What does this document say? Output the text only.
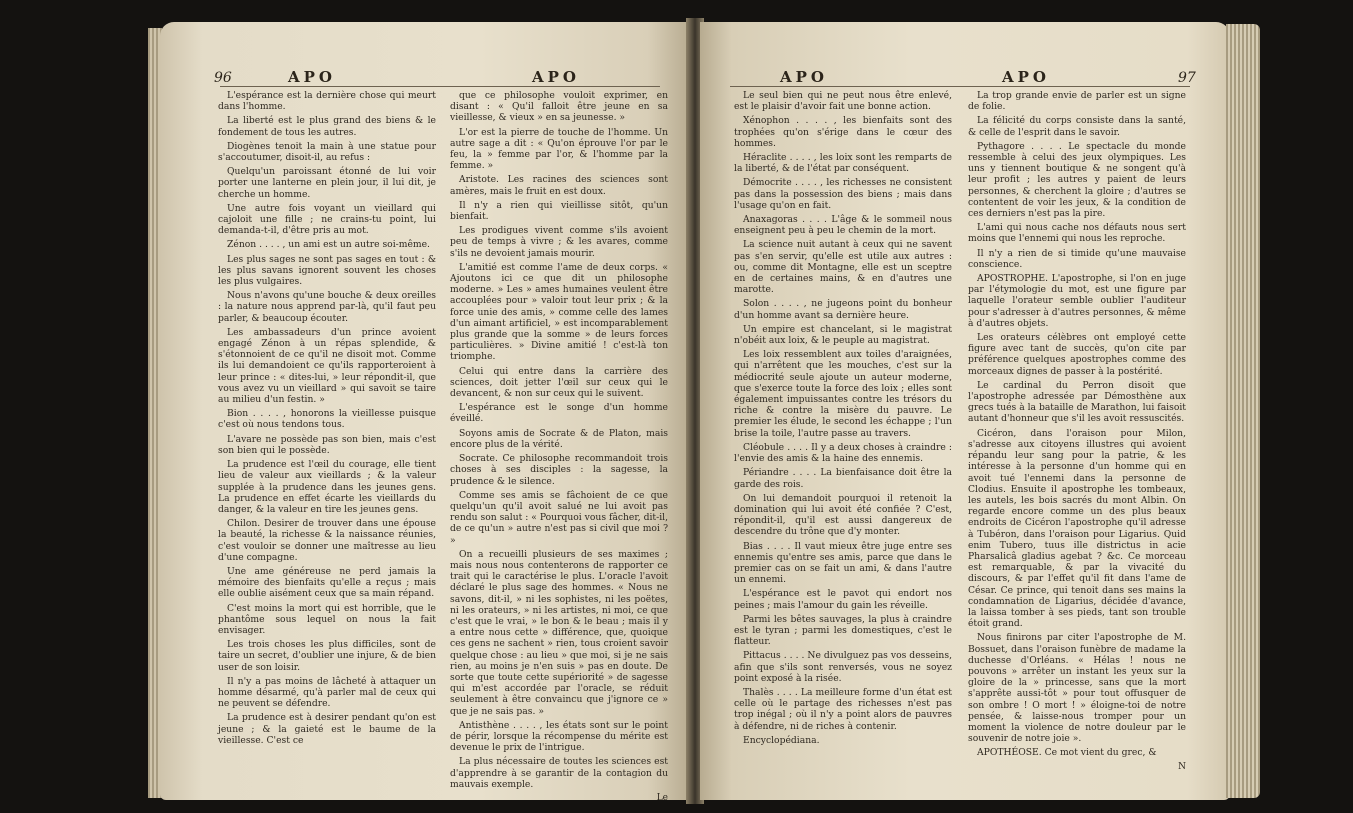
96	APO	APO

L'espérance est la dernière chose qui meurt dans l'homme.

La liberté est le plus grand des biens & le fondement de tous les autres.

Diogènes tenoit la main à une statue pour s'accoutumer, disoit-il, au refus :

Quelqu'un paroissant étonné de lui voir porter une lanterne en plein jour, il lui dit, je cherche un homme.

Une autre fois voyant un vieillard qui cajoloit une fille ; ne crains-tu point, lui demanda-t-il, d'être pris au mot.

Zénon . . . . , un ami est un autre soi-même.

Les plus sages ne sont pas sages en tout : & les plus savans ignorent souvent les choses les plus vulgaires.

Nous n'avons qu'une bouche & deux oreilles : la nature nous apprend par-là, qu'il faut peu parler, & beaucoup écouter.

Les ambassadeurs d'un prince avoient engagé Zénon à un répas splendide, & s'étonnoient de ce qu'il ne disoit mot. Comme ils lui demandoient ce qu'ils rapporteroient à leur prince : « dites-lui, » leur répondit-il, que vous avez vu un vieillard » qui savoit se taire au milieu d'un festin. »

Bion . . . . , honorons la vieillesse puisque c'est où nous tendons tous.

L'avare ne possède pas son bien, mais c'est son bien qui le possède.

La prudence est l'œil du courage, elle tient lieu de valeur aux vieillards ; & la valeur supplée à la prudence dans les jeunes gens. La prudence en effet écarte les vieillards du danger, & la valeur en tire les jeunes gens.

Chilon. Desirer de trouver dans une épouse la beauté, la richesse & la naissance réunies, c'est vouloir se donner une maîtresse au lieu d'une compagne.

Une ame généreuse ne perd jamais la mémoire des bienfaits qu'elle a reçus ; mais elle oublie aisément ceux que sa main répand.

C'est moins la mort qui est horrible, que le phantôme sous lequel on nous la fait envisager.

Les trois choses les plus difficiles, sont de taire un secret, d'oublier une injure, & de bien user de son loisir.

Il n'y a pas moins de lâcheté à attaquer un homme désarmé, qu'à parler mal de ceux qui ne peuvent se défendre.

La prudence est à desirer pendant qu'on est jeune ; & la gaieté est le baume de la vieillesse. C'est ce

que ce philosophe vouloit exprimer, en disant : « Qu'il falloit être jeune en sa vieillesse, & vieux » en sa jeunesse. »

L'or est la pierre de touche de l'homme. Un autre sage a dit : « Qu'on éprouve l'or par le feu, la » femme par l'or, & l'homme par la femme. »

Aristote. Les racines des sciences sont amères, mais le fruit en est doux.

Il n'y a rien qui vieillisse sitôt, qu'un bienfait.

Les prodigues vivent comme s'ils avoient peu de temps à vivre ; & les avares, comme s'ils ne devoient jamais mourir.

L'amitié est comme l'ame de deux corps. « Ajoutons ici ce que dit un philosophe moderne. » Les » ames humaines veulent être accouplées pour » valoir tout leur prix ; & la force unie des amis, » comme celle des lames d'un aimant artificiel, » est incomparablement plus grande que la somme » de leurs forces particulières. » Divine amitié ! c'est-là ton triomphe.

Celui qui entre dans la carrière des sciences, doit jetter l'œil sur ceux qui le devancent, & non sur ceux qui le suivent.

L'espérance est le songe d'un homme éveillé.

Soyons amis de Socrate & de Platon, mais encore plus de la vérité.

Socrate. Ce philosophe recommandoit trois choses à ses disciples : la sagesse, la prudence & le silence.

Comme ses amis se fâchoient de ce que quelqu'un qu'il avoit salué ne lui avoit pas rendu son salut : « Pourquoi vous fâcher, dit-il, de ce qu'un » autre n'est pas si civil que moi ? »

On a recueilli plusieurs de ses maximes ; mais nous nous contenterons de rapporter ce trait qui le caractérise le plus. L'oracle l'avoit déclaré le plus sage des hommes. « Nous ne savons, dit-il, » ni les sophistes, ni les poëtes, ni les orateurs, » ni les artistes, ni moi, ce que c'est que le vrai, » le bon & le beau ; mais il y a entre nous cette » différence, que, quoique ces gens ne sachent » rien, tous croient savoir quelque chose : au lieu » que moi, si je ne sais rien, au moins je n'en suis » pas en doute. De sorte que toute cette supériorité » de sagesse qui m'est accordée par l'oracle, se réduit seulement à être convaincu que j'ignore ce » que je ne sais pas. »

Antisthène . . . . , les états sont sur le point de périr, lorsque la récompense du mérite est devenue le prix de l'intrigue.

La plus nécessaire de toutes les sciences est d'apprendre à se garantir de la contagion du mauvais exemple.

Le
APO	APO	97

Le seul bien qui ne peut nous être enlevé, est le plaisir d'avoir fait une bonne action.

Xénophon . . . . , les bienfaits sont des trophées qu'on s'érige dans le cœur des hommes.

Héraclite . . . . , les loix sont les remparts de la liberté, & de l'état par conséquent.

Démocrite . . . . , les richesses ne consistent pas dans la possession des biens ; mais dans l'usage qu'on en fait.

Anaxagoras . . . . L'âge & le sommeil nous enseignent peu à peu le chemin de la mort.

La science nuit autant à ceux qui ne savent pas s'en servir, qu'elle est utile aux autres : ou, comme dit Montagne, elle est un sceptre en de certaines mains, & en d'autres une marotte.

Solon . . . . , ne jugeons point du bonheur d'un homme avant sa dernière heure.

Un empire est chancelant, si le magistrat n'obéit aux loix, & le peuple au magistrat.

Les loix ressemblent aux toiles d'araignées, qui n'arrêtent que les mouches, c'est sur la médiocrité seule ajoute un auteur moderne, que s'exerce toute la force des loix ; elles sont également impuissantes contre les trésors du riche & contre la misère du pauvre. Le premier les élude, le second les échappe ; l'un brise la toile, l'autre passe au travers.

Cléobule . . . . Il y a deux choses à craindre : l'envie des amis & la haine des ennemis.

Périandre . . . . La bienfaisance doit être la garde des rois.

On lui demandoit pourquoi il retenoit la domination qui lui avoit été confiée ? C'est, répondit-il, qu'il est aussi dangereux de descendre du trône que d'y monter.

Bias . . . . Il vaut mieux être juge entre ses ennemis qu'entre ses amis, parce que dans le premier cas on se fait un ami, & dans l'autre un ennemi.

L'espérance est le pavot qui endort nos peines ; mais l'amour du gain les réveille.

Parmi les bêtes sauvages, la plus à craindre est le tyran ; parmi les domestiques, c'est le flatteur.

Pittacus . . . . Ne divulguez pas vos desseins, afin que s'ils sont renversés, vous ne soyez point exposé à la risée.

Thalès . . . . La meilleure forme d'un état est celle où le partage des richesses n'est pas trop inégal ; où il n'y a point alors de pauvres à défendre, ni de riches à contenir.

Encyclopédiana.

La trop grande envie de parler est un signe de folie.

La félicité du corps consiste dans la santé, & celle de l'esprit dans le savoir.

Pythagore . . . . Le spectacle du monde ressemble à celui des jeux olympiques. Les uns y tiennent boutique & ne songent qu'à leur profit ; les autres y paient de leurs personnes, & cherchent la gloire ; d'autres se contentent de voir les jeux, & la condition de ces derniers n'est pas la pire.

L'ami qui nous cache nos défauts nous sert moins que l'ennemi qui nous les reproche.

Il n'y a rien de si timide qu'une mauvaise conscience.

APOSTROPHE. L'apostrophe, si l'on en juge par l'étymologie du mot, est une figure par laquelle l'orateur semble oublier l'auditeur pour s'adresser à d'autres personnes, & même à d'autres objets.

Les orateurs célèbres ont employé cette figure avec tant de succès, qu'on cite par préférence quelques apostrophes comme des morceaux dignes de passer à la postérité.

Le cardinal du Perron disoit que l'apostrophe adressée par Démosthène aux grecs tués à la bataille de Marathon, lui faisoit autant d'honneur que s'il les avoit ressuscités.

Cicéron, dans l'oraison pour Milon, s'adresse aux citoyens illustres qui avoient répandu leur sang pour la patrie, & les intéresse à la personne d'un homme qui en avoit tué l'ennemi dans la personne de Clodius. Ensuite il apostrophe les tombeaux, les autels, les bois sacrés du mont Albin. On regarde encore comme un des plus beaux endroits de Cicéron l'apostrophe qu'il adresse à Tubéron, dans l'oraison pour Ligarius. Quid enim Tubero, tuus ille districtus in acie Pharsalicâ gladius agebat ? &c. Ce morceau est remarquable, & par la vivacité du discours, & par l'effet qu'il fit dans l'ame de César. Ce prince, qui tenoit dans ses mains la condamnation de Ligarius, décidée d'avance, la laissa tomber à ses pieds, tant son trouble étoit grand.

Nous finirons par citer l'apostrophe de M. Bossuet, dans l'oraison funèbre de madame la duchesse d'Orléans. « Hélas ! nous ne pouvons » arrêter un instant les yeux sur la gloire de la » princesse, sans que la mort s'apprête aussi-tôt » pour tout offusquer de son ombre ! O mort ! » éloigne-toi de notre pensée, & laisse-nous tromper pour un moment la violence de notre douleur par le souvenir de notre joie ».

APOTHÉOSE. Ce mot vient du grec, &

N
